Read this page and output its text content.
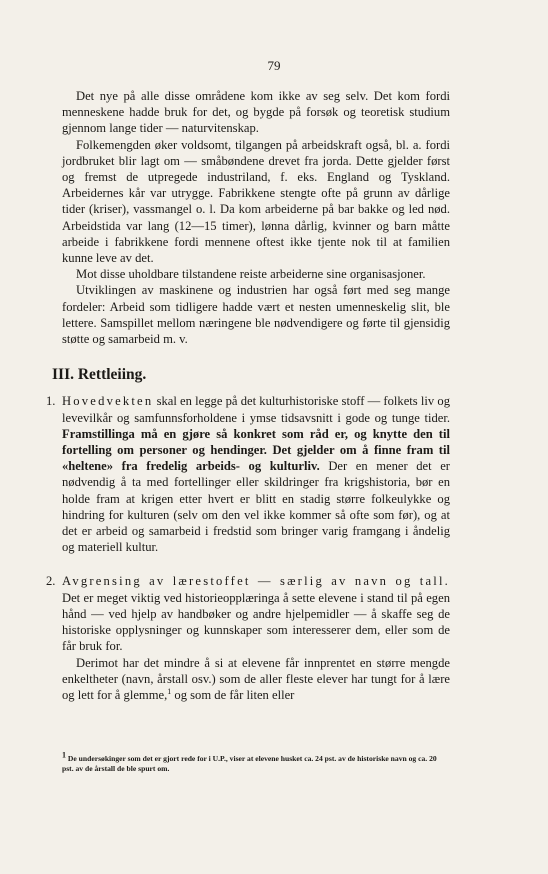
79

Det nye på alle disse områdene kom ikke av seg selv. Det kom fordi menneskene hadde bruk for det, og bygde på forsøk og teoretisk studium gjennom lange tider — naturvitenskap.

Folkemengden øker voldsomt, tilgangen på arbeidskraft også, bl. a. fordi jordbruket blir lagt om — småbøndene drevet fra jorda. Dette gjelder først og fremst de utpregede industriland, f. eks. England og Tyskland. Arbeidernes kår var utrygge. Fabrikkene stengte ofte på grunn av dårlige tider (kriser), vassmangel o. l. Da kom arbeiderne på bar bakke og led nød. Arbeidstida var lang (12—15 timer), lønna dårlig, kvinner og barn måtte arbeide i fabrikkene fordi mennene oftest ikke tjente nok til at familien kunne leve av det.

Mot disse uholdbare tilstandene reiste arbeiderne sine organisasjoner.

Utviklingen av maskinene og industrien har også ført med seg mange fordeler: Arbeid som tidligere hadde vært et nesten umenneskelig slit, ble lettere. Samspillet mellom næringene ble nødvendigere og førte til gjensidig støtte og samarbeid m. v.

III. Rettleiing.
1. Hovedvekten skal en legge på det kulturhistoriske stoff — folkets liv og levevilkår og samfunnsforholdene i ymse tidsavsnitt i gode og tunge tider. Framstillinga må en gjøre så konkret som råd er, og knytte den til fortelling om personer og hendinger. Det gjelder om å finne fram til «heltene» fra fredelig arbeids- og kulturliv. Der en mener det er nødvendig å ta med fortellinger eller skildringer fra krigshistoria, bør en holde fram at krigen etter hvert er blitt en stadig større folkeulykke og hindring for kulturen (selv om den vel ikke kommer så ofte som før), og at det er arbeid og samarbeid i fredstid som bringer varig framgang i åndelig og materiell kultur.

2. Avgrensing av lærestoffet — særlig av navn og tall. Det er meget viktig ved historieopplæringa å sette elevene i stand til på egen hånd — ved hjelp av handbøker og andre hjelpemidler — å skaffe seg de historiske opplysninger og kunnskaper som interesserer dem, eller som de får bruk for.

Derimot har det mindre å si at elevene får innprentet en større mengde enkeltheter (navn, årstall osv.) som de aller fleste elever har tungt for å lære og lett for å glemme,$^1$ og som de får liten eller

$^1$ De undersøkinger som det er gjort rede for i U.P., viser at elevene husket ca. 24 pst. av de historiske navn og ca. 20 pst. av de årstall de ble spurt om.
